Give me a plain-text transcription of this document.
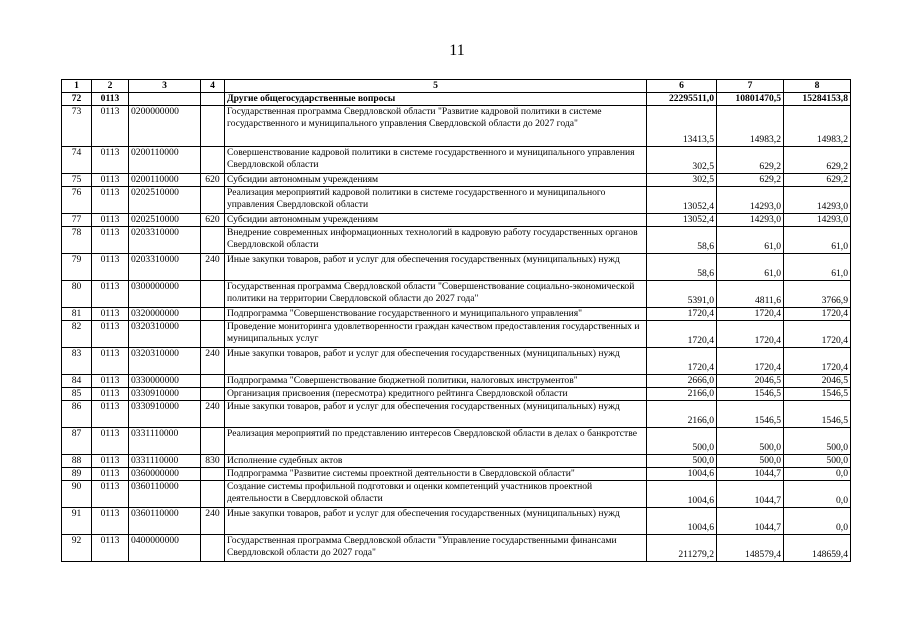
11
1	2	3	4	5	6	7	8
72	0113			Другие общегосударственные вопросы	22295511,0	10801470,5	15284153,8
73	0113	0200000000		Государственная программа Свердловской области "Развитие кадровой политики в системе государственного и муниципального управления Свердловской области до 2027 года"	13413,5	14983,2	14983,2
74	0113	0200110000		Совершенствование кадровой политики в системе государственного и муниципального управления Свердловской области	302,5	629,2	629,2
75	0113	0200110000	620	Субсидии автономным учреждениям	302,5	629,2	629,2
76	0113	0202510000		Реализация мероприятий кадровой политики в системе государственного и муниципального управления Свердловской области	13052,4	14293,0	14293,0
77	0113	0202510000	620	Субсидии автономным учреждениям	13052,4	14293,0	14293,0
78	0113	0203310000		Внедрение современных информационных технологий в кадровую работу государственных органов Свердловской области	58,6	61,0	61,0
79	0113	0203310000	240	Иные закупки товаров, работ и услуг для обеспечения государственных (муниципальных) нужд	58,6	61,0	61,0
80	0113	0300000000		Государственная программа Свердловской области "Совершенствование социально-экономической политики на территории Свердловской области до 2027 года"	5391,0	4811,6	3766,9
81	0113	0320000000		Подпрограмма "Совершенствование государственного и муниципального управления"	1720,4	1720,4	1720,4
82	0113	0320310000		Проведение мониторинга удовлетворенности граждан качеством предоставления государственных и муниципальных услуг	1720,4	1720,4	1720,4
83	0113	0320310000	240	Иные закупки товаров, работ и услуг для обеспечения государственных (муниципальных) нужд	1720,4	1720,4	1720,4
84	0113	0330000000		Подпрограмма "Совершенствование бюджетной политики, налоговых инструментов"	2666,0	2046,5	2046,5
85	0113	0330910000		Организация присвоения (пересмотра) кредитного рейтинга Свердловской области	2166,0	1546,5	1546,5
86	0113	0330910000	240	Иные закупки товаров, работ и услуг для обеспечения государственных (муниципальных) нужд	2166,0	1546,5	1546,5
87	0113	0331110000		Реализация мероприятий по представлению интересов Свердловской области в делах о банкротстве	500,0	500,0	500,0
88	0113	0331110000	830	Исполнение судебных актов	500,0	500,0	500,0
89	0113	0360000000		Подпрограмма "Развитие системы проектной деятельности в Свердловской области"	1004,6	1044,7	0,0
90	0113	0360110000		Создание системы профильной подготовки и оценки компетенций участников проектной деятельности в Свердловской области	1004,6	1044,7	0,0
91	0113	0360110000	240	Иные закупки товаров, работ и услуг для обеспечения государственных (муниципальных) нужд	1004,6	1044,7	0,0
92	0113	0400000000		Государственная программа Свердловской области "Управление государственными финансами Свердловской области до 2027 года"	211279,2	148579,4	148659,4
